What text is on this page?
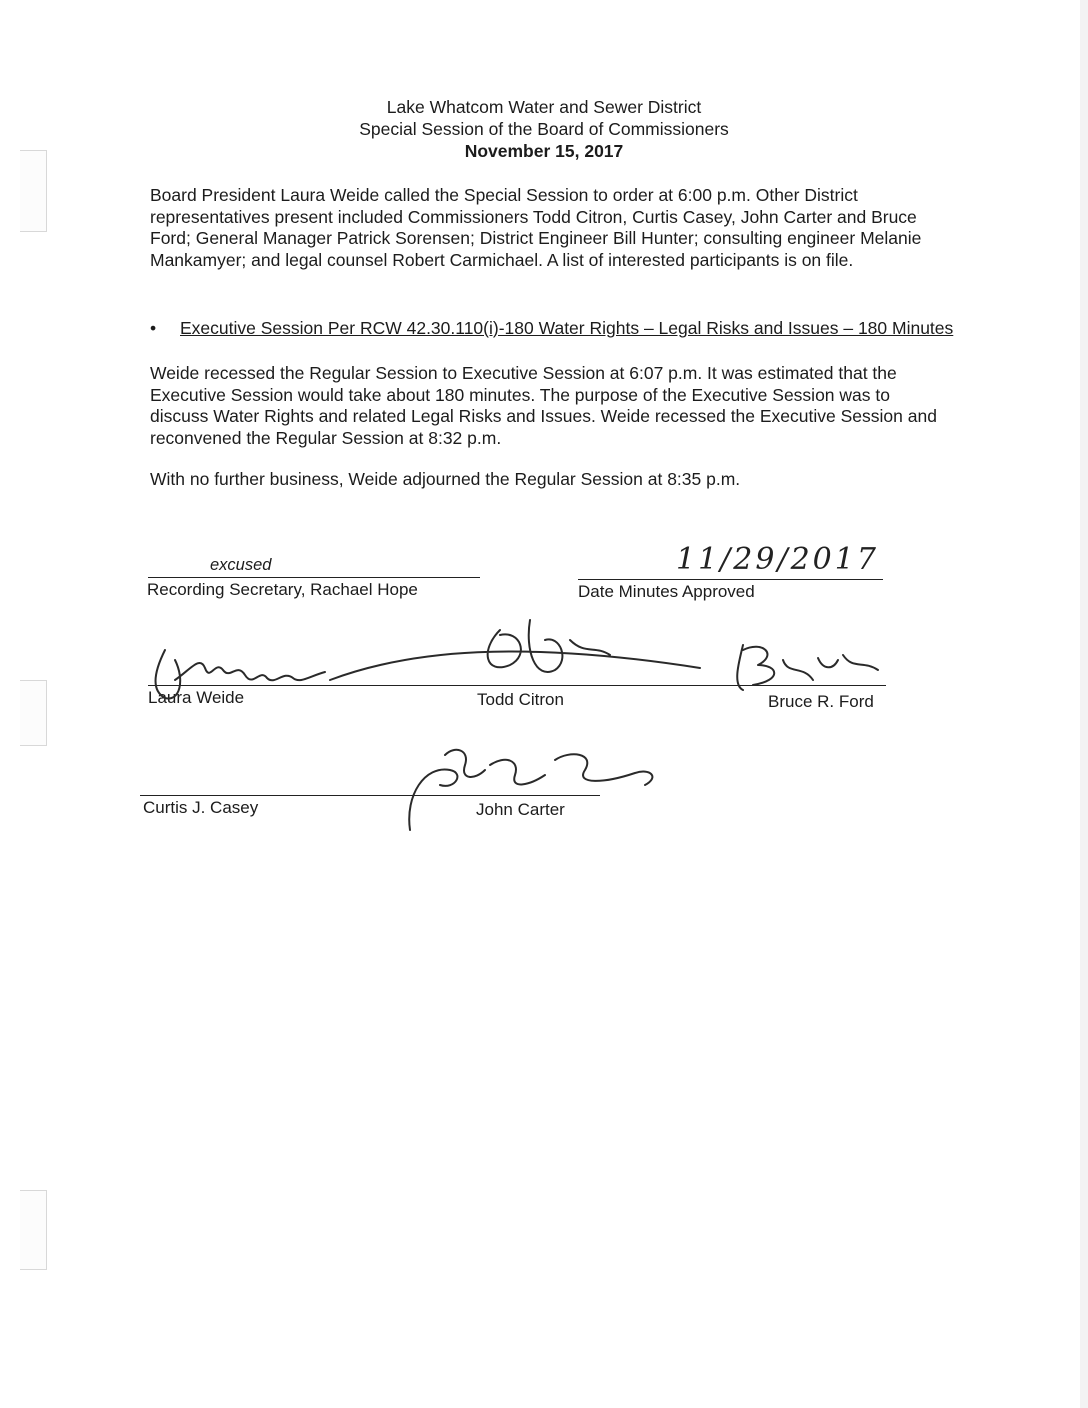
Lake Whatcom Water and Sewer District
Special Session of the Board of Commissioners
November 15, 2017

Board President Laura Weide called the Special Session to order at 6:00 p.m. Other District representatives present included Commissioners Todd Citron, Curtis Casey, John Carter and Bruce Ford; General Manager Patrick Sorensen; District Engineer Bill Hunter; consulting engineer Melanie Mankamyer; and legal counsel Robert Carmichael. A list of interested participants is on file.

• Executive Session Per RCW 42.30.110(i)-180 Water Rights – Legal Risks and Issues – 180 Minutes

Weide recessed the Regular Session to Executive Session at 6:07 p.m. It was estimated that the Executive Session would take about 180 minutes. The purpose of the Executive Session was to discuss Water Rights and related Legal Risks and Issues. Weide recessed the Executive Session and reconvened the Regular Session at 8:32 p.m.

With no further business, Weide adjourned the Regular Session at 8:35 p.m.

excused
Recording Secretary, Rachael Hope
11/29/2017
Date Minutes Approved
Laura Weide	Todd Citron	Bruce R. Ford
Curtis J. Casey	John Carter
